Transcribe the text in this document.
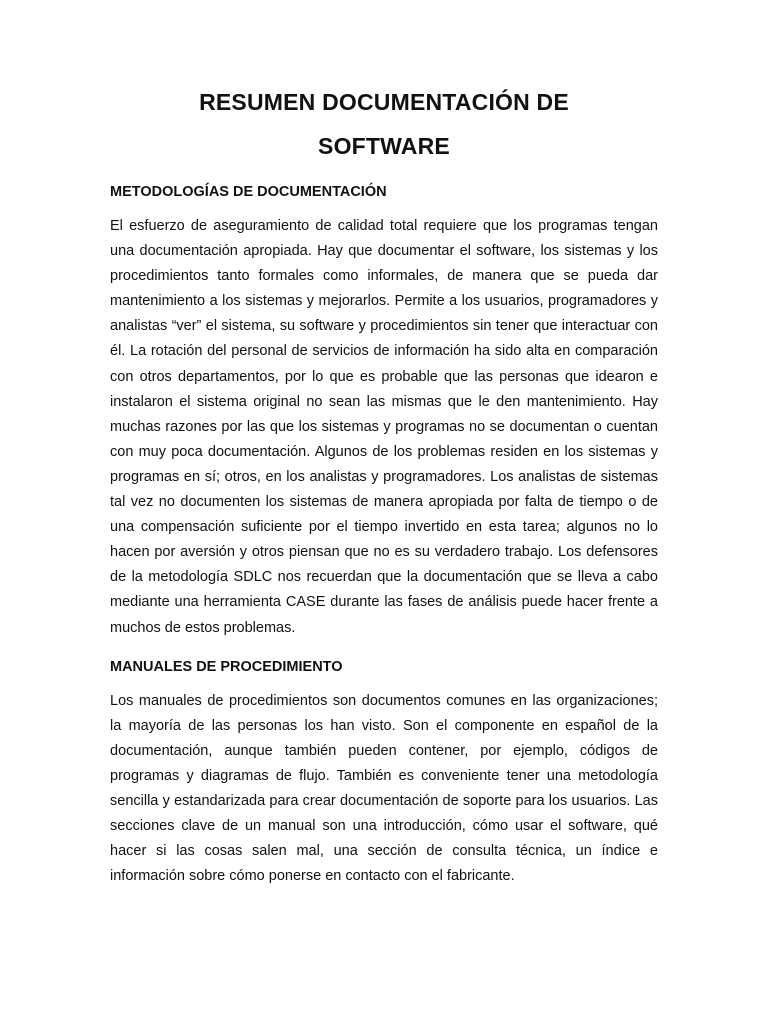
RESUMEN DOCUMENTACIÓN DE
SOFTWARE
METODOLOGÍAS DE DOCUMENTACIÓN

El esfuerzo de aseguramiento de calidad total requiere que los programas tengan una documentación apropiada. Hay que documentar el software, los sistemas y los procedimientos tanto formales como informales, de manera que se pueda dar mantenimiento a los sistemas y mejorarlos. Permite a los usuarios, programadores y analistas “ver” el sistema, su software y procedimientos sin tener que interactuar con él. La rotación del personal de servicios de información ha sido alta en comparación con otros departamentos, por lo que es probable que las personas que idearon e instalaron el sistema original no sean las mismas que le den mantenimiento. Hay muchas razones por las que los sistemas y programas no se documentan o cuentan con muy poca documentación. Algunos de los problemas residen en los sistemas y programas en sí; otros, en los analistas y programadores. Los analistas de sistemas tal vez no documenten los sistemas de manera apropiada por falta de tiempo o de una compensación suficiente por el tiempo invertido en esta tarea; algunos no lo hacen por aversión y otros piensan que no es su verdadero trabajo. Los defensores de la metodología SDLC nos recuerdan que la documentación que se lleva a cabo mediante una herramienta CASE durante las fases de análisis puede hacer frente a muchos de estos problemas.

MANUALES DE PROCEDIMIENTO

Los manuales de procedimientos son documentos comunes en las organizaciones; la mayoría de las personas los han visto. Son el componente en español de la documentación, aunque también pueden contener, por ejemplo, códigos de programas y diagramas de flujo. También es conveniente tener una metodología sencilla y estandarizada para crear documentación de soporte para los usuarios. Las secciones clave de un manual son una introducción, cómo usar el software, qué hacer si las cosas salen mal, una sección de consulta técnica, un índice e información sobre cómo ponerse en contacto con el fabricante.
